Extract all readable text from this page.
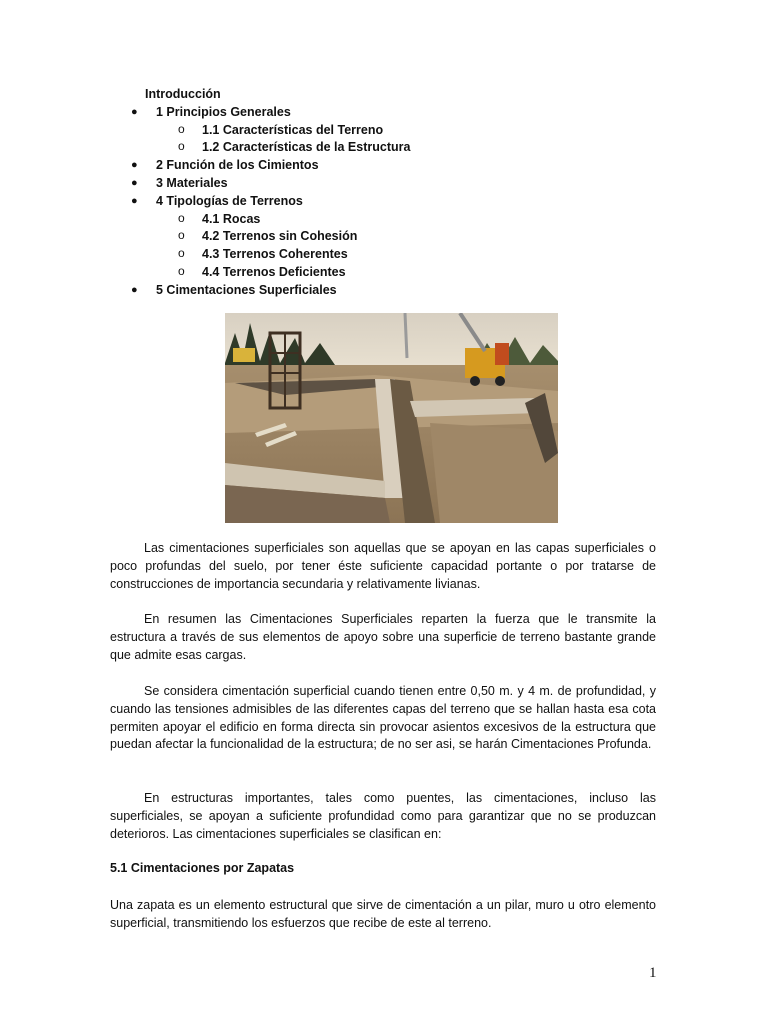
Introducción
● 1 Principios Generales
o 1.1 Características del Terreno
o 1.2 Características de la Estructura
● 2 Función de los Cimientos
● 3 Materiales
● 4 Tipologías de Terrenos
o 4.1 Rocas
o 4.2 Terrenos sin Cohesión
o 4.3 Terrenos Coherentes
o 4.4 Terrenos Deficientes
● 5 Cimentaciones Superficiales

Las cimentaciones superficiales son aquellas que se apoyan en las capas superficiales o poco profundas del suelo, por tener éste suficiente capacidad portante o por tratarse de construcciones de importancia secundaria y relativamente livianas.

En resumen las Cimentaciones Superficiales reparten la fuerza que le transmite la estructura a través de sus elementos de apoyo sobre una superficie de terreno bastante grande que admite esas cargas.

Se considera cimentación superficial cuando tienen entre 0,50 m. y 4 m. de profundidad, y cuando las tensiones admisibles de las diferentes capas del terreno que se hallan hasta esa cota permiten apoyar el edificio en forma directa sin provocar asientos excesivos de la estructura que puedan afectar la funcionalidad de la estructura; de no ser asi, se harán Cimentaciones Profunda.

En estructuras importantes, tales como puentes, las cimentaciones, incluso las superficiales, se apoyan a suficiente profundidad como para garantizar que no se produzcan deterioros. Las cimentaciones superficiales se clasifican en:

5.1 Cimentaciones por Zapatas

Una zapata es un elemento estructural que sirve de cimentación a un pilar, muro u otro elemento superficial, transmitiendo los esfuerzos que recibe de este al terreno.

1
